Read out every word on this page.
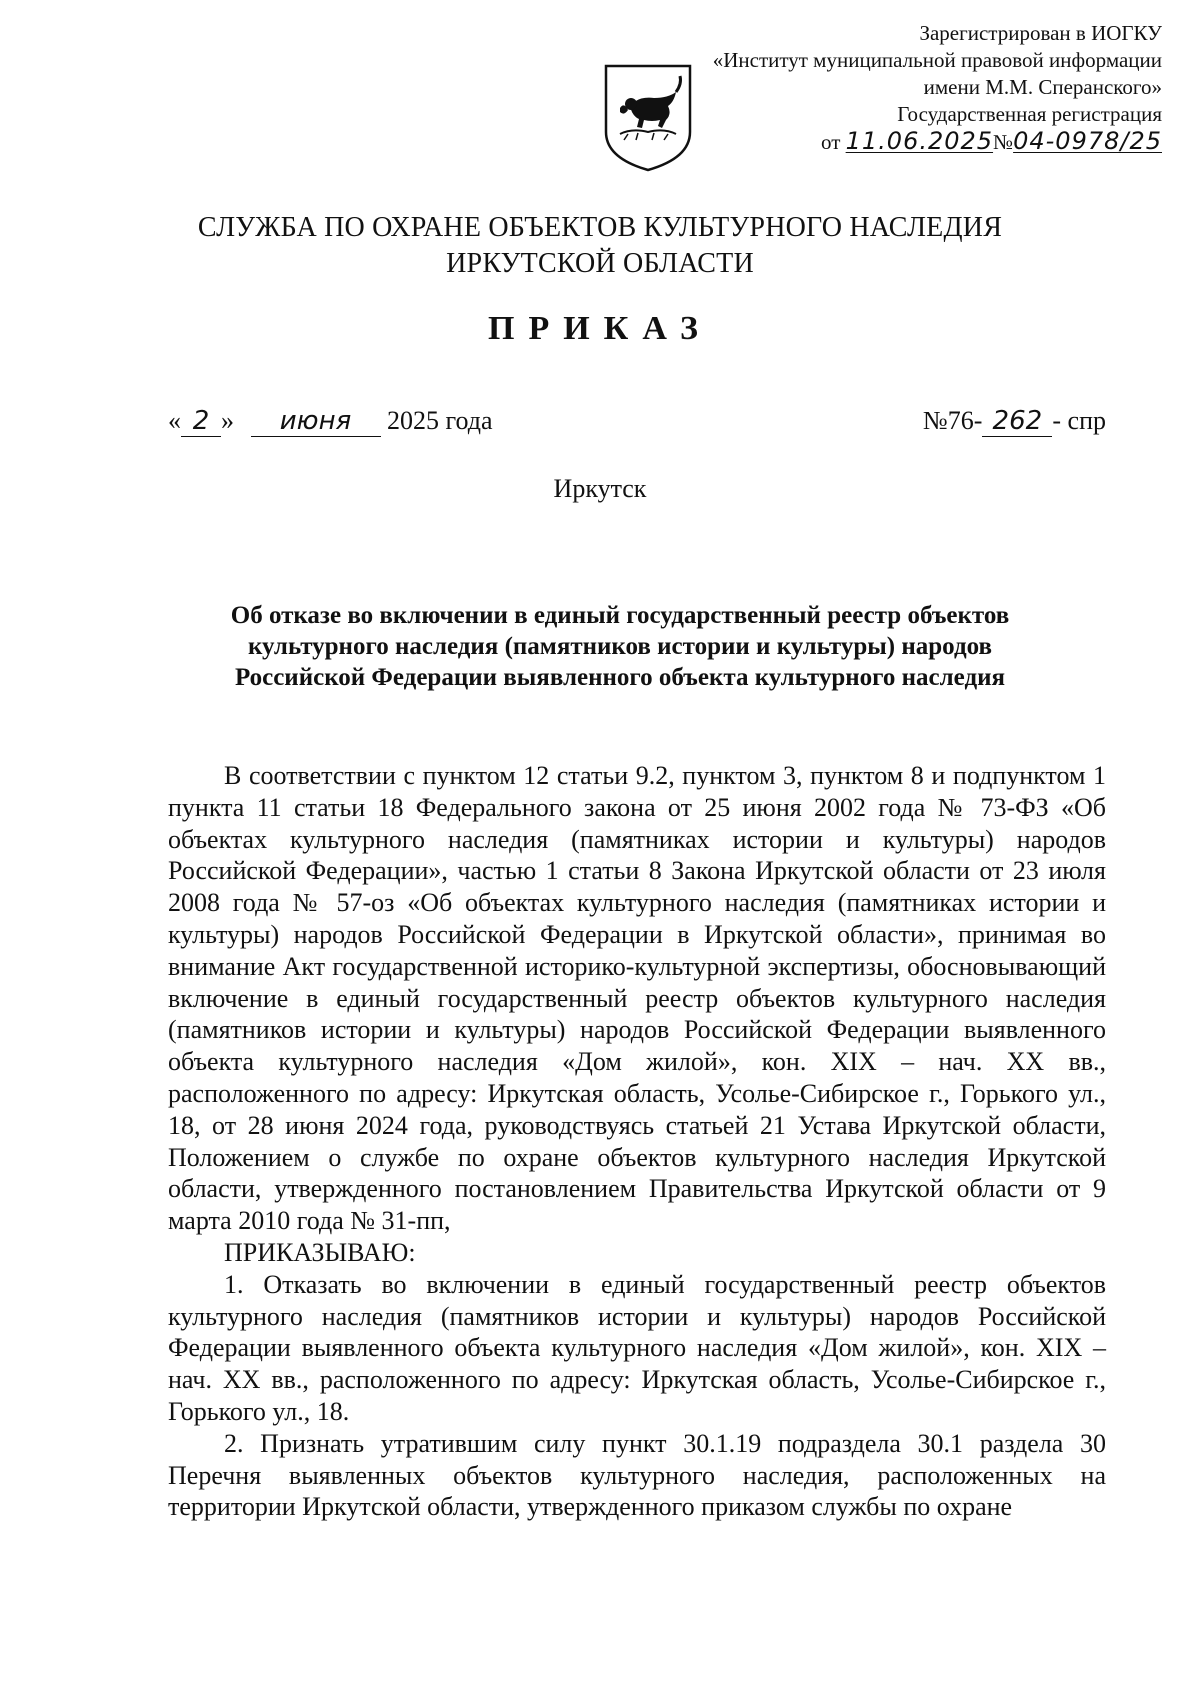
Зарегистрирован в ИОГКУ
«Институт муниципальной правовой информации
имени М.М. Сперанского»
Государственная регистрация
от 11.06.2025№04-0978/25
СЛУЖБА ПО ОХРАНЕ ОБЪЕКТОВ КУЛЬТУРНОГО НАСЛЕДИЯ
ИРКУТСКОЙ ОБЛАСТИ
ПРИКАЗ
« 2 » июня 2025 года	№76- 262 - спр
Иркутск
Об отказе во включении в единый государственный реестр объектов
культурного наследия (памятников истории и культуры) народов
Российской Федерации выявленного объекта культурного наследия

В соответствии с пунктом 12 статьи 9.2, пунктом 3, пунктом 8 и подпунктом 1 пункта 11 статьи 18 Федерального закона от 25 июня 2002 года № 73-ФЗ «Об объектах культурного наследия (памятниках истории и культуры) народов Российской Федерации», частью 1 статьи 8 Закона Иркутской области от 23 июля 2008 года № 57-оз «Об объектах культурного наследия (памятниках истории и культуры) народов Российской Федерации в Иркутской области», принимая во внимание Акт государственной историко-культурной экспертизы, обосновывающий включение в единый государственный реестр объектов культурного наследия (памятников истории и культуры) народов Российской Федерации выявленного объекта культурного наследия «Дом жилой», кон. XIX – нач. XX вв., расположенного по адресу: Иркутская область, Усолье-Сибирское г., Горького ул., 18, от 28 июня 2024 года, руководствуясь статьей 21 Устава Иркутской области, Положением о службе по охране объектов культурного наследия Иркутской области, утвержденного постановлением Правительства Иркутской области от 9 марта 2010 года № 31-пп,

ПРИКАЗЫВАЮ:

1. Отказать во включении в единый государственный реестр объектов культурного наследия (памятников истории и культуры) народов Российской Федерации выявленного объекта культурного наследия «Дом жилой», кон. XIX – нач. XX вв., расположенного по адресу: Иркутская область, Усолье-Сибирское г., Горького ул., 18.

2. Признать утратившим силу пункт 30.1.19 подраздела 30.1 раздела 30 Перечня выявленных объектов культурного наследия, расположенных на территории Иркутской области, утвержденного приказом службы по охране
